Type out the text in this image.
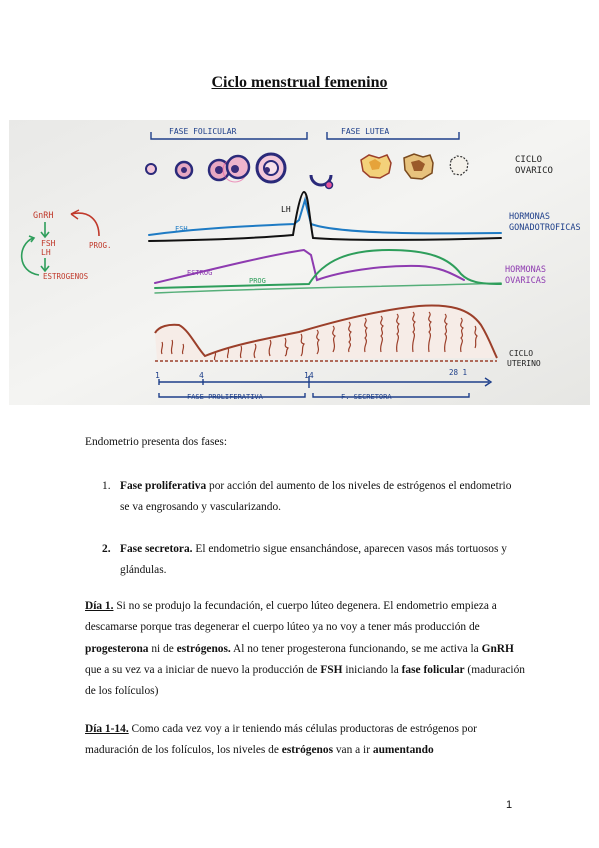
Ciclo menstrual femenino
FASE FOLICULAR	FASE LUTEA
CICLO
OVARICO
LH
FSH
HORMONAS
GONADOTROFICAS
ESTROG
PROG
HORMONAS
OVARICAS
GnRH
FSH
LH
PROG.
ESTROGENOS
CICLO
UTERINO
1	4	14	28 1
FASE PROLIFERATIVA	F. SECRETORA
Endometrio presenta dos fases:
1. Fase proliferativa por acción del aumento de los niveles de estrógenos el endometrio se va engrosando y vascularizando.
2. Fase secretora. El endometrio sigue ensanchándose, aparecen vasos más tortuosos y glándulas.
Día 1. Si no se produjo la fecundación, el cuerpo lúteo degenera. El endometrio empieza a descamarse porque tras degenerar el cuerpo lúteo ya no voy a tener más producción de progesterona ni de estrógenos. Al no tener progesterona funcionando, se me activa la GnRH que a su vez va a iniciar de nuevo la producción de FSH iniciando la fase folicular (maduración de los folículos)
Día 1-14. Como cada vez voy a ir teniendo más células productoras de estrógenos por maduración de los folículos, los niveles de estrógenos van a ir aumentando
1
